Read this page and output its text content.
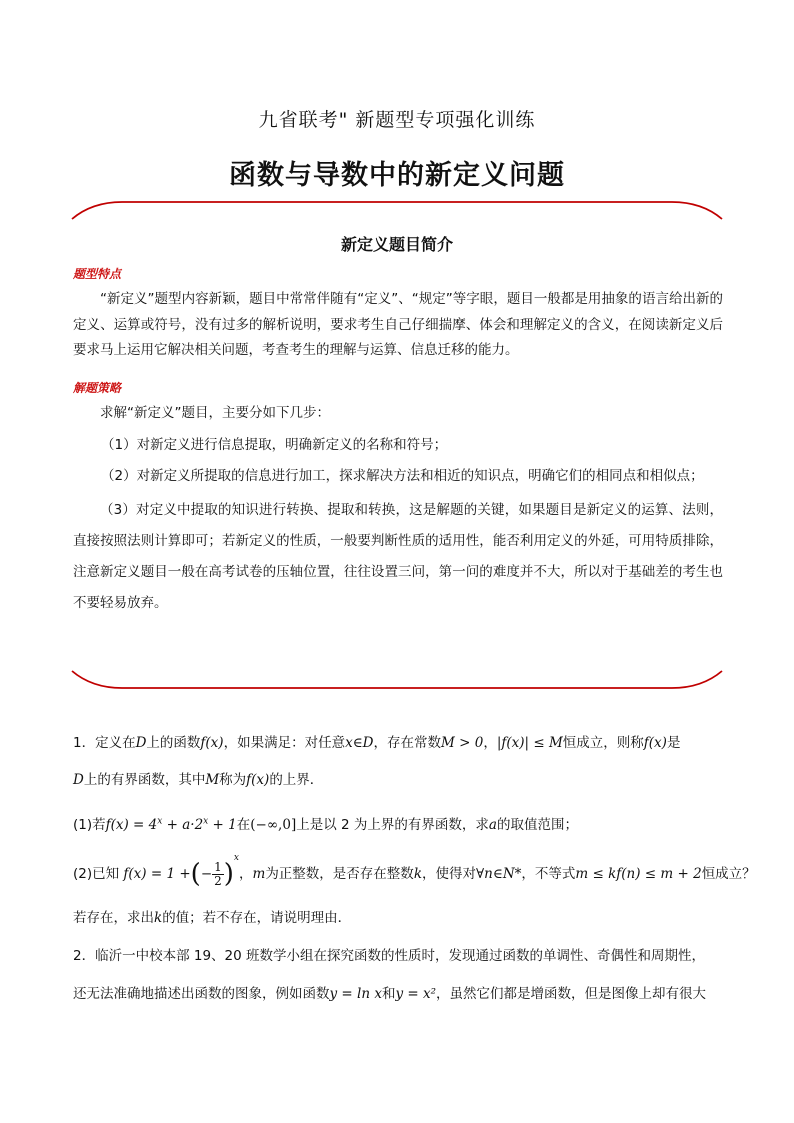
九省联考" 新题型专项强化训练
函数与导数中的新定义问题
新定义题目简介
题型特点
“新定义”题型内容新颖，题目中常常伴随有“定义”、“规定”等字眼，题目一般都是用抽象的语言给出新的定义、运算或符号，没有过多的解析说明，要求考生自己仔细揣摩、体会和理解定义的含义，在阅读新定义后要求马上运用它解决相关问题，考查考生的理解与运算、信息迁移的能力。
解题策略
求解“新定义”题目，主要分如下几步：
（1）对新定义进行信息提取，明确新定义的名称和符号；
（2）对新定义所提取的信息进行加工，探求解决方法和相近的知识点，明确它们的相同点和相似点；
（3）对定义中提取的知识进行转换、提取和转换，这是解题的关键，如果题目是新定义的运算、法则，直接按照法则计算即可；若新定义的性质，一般要判断性质的适用性，能否利用定义的外延，可用特质排除，注意新定义题目一般在高考试卷的压轴位置，往往设置三问，第一问的难度并不大，所以对于基础差的考生也不要轻易放弃。
1．定义在D上的函数f(x)，如果满足：对任意x∈D，存在常数M > 0，|f(x)| ≤ M恒成立，则称f(x)是
D上的有界函数，其中M称为f(x)的上界．
(1)若$f(x) = 4^x + a\cdot 2^x + 1$在(−∞,0]上是以 2 为上界的有界函数，求a的取值范围；
(2)已知 f(x) = 1 +(− $\frac{1}{2} )^x$，m为正整数，是否存在整数k，使得对∀n∈N*，不等式m ≤ kf(n) ≤ m + 2恒成立？
若存在，求出k的值；若不存在，请说明理由．
2．临沂一中校本部 19、20 班数学小组在探究函数的性质时，发现通过函数的单调性、奇偶性和周期性，
还无法准确地描述出函数的图象，例如函数y = ln x和y = x²，虽然它们都是增函数，但是图像上却有很大
